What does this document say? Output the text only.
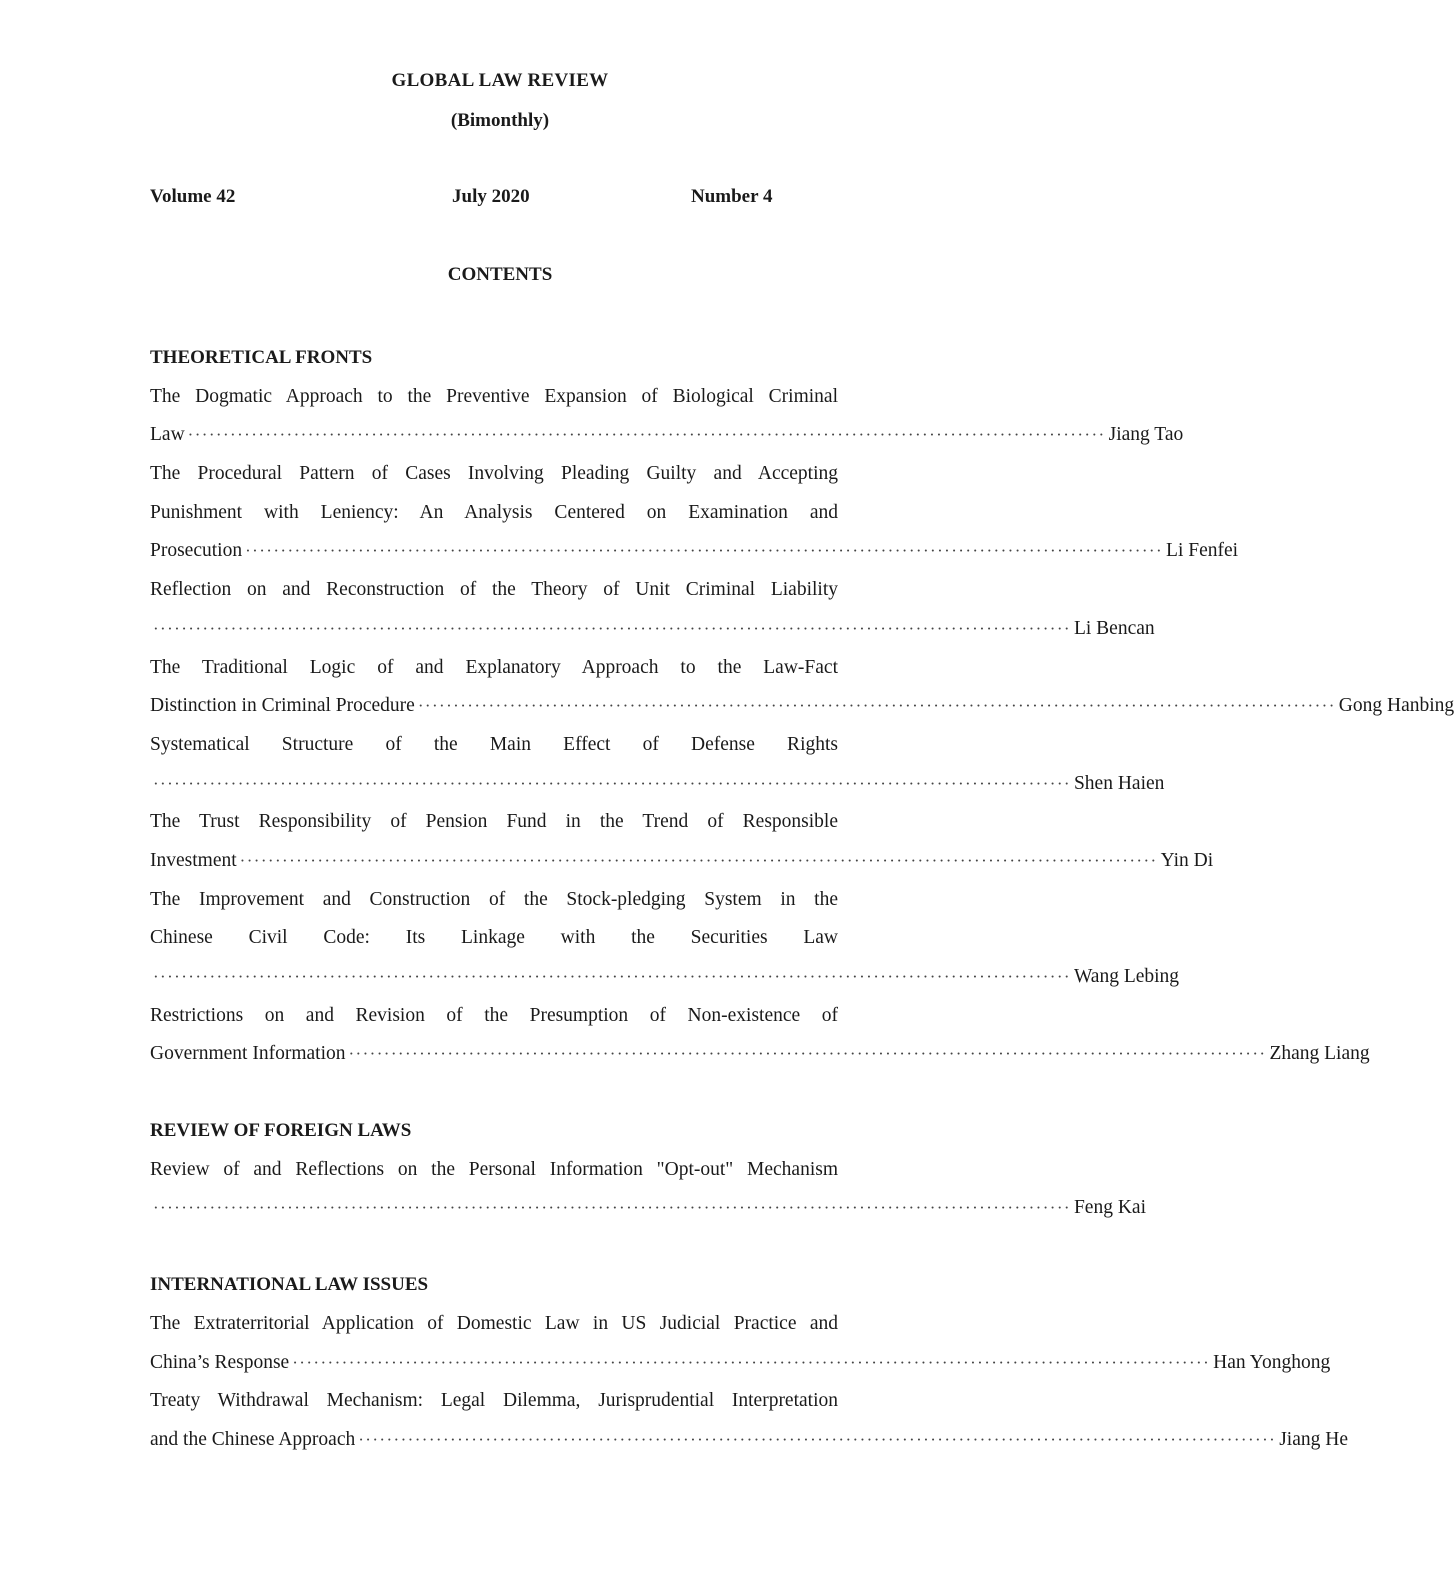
GLOBAL LAW REVIEW
(Bimonthly)
Volume 42	July 2020	Number 4
CONTENTS
THEORETICAL FRONTS
The Dogmatic Approach to the Preventive Expansion of Biological Criminal
Law ·································································································································· Jiang Tao
The Procedural Pattern of Cases Involving Pleading Guilty and Accepting
Punishment with Leniency: An Analysis Centered on Examination and
Prosecution ·································································································································· Li Fenfei
Reflection on and Reconstruction of the Theory of Unit Criminal Liability
·································································································································· Li Bencan
The Traditional Logic of and Explanatory Approach to the Law-Fact
Distinction in Criminal Procedure ·································································································································· Gong Hanbing
Systematical Structure of the Main Effect of Defense Rights
·································································································································· Shen Haien
The Trust Responsibility of Pension Fund in the Trend of Responsible
Investment ·································································································································· Yin Di
The Improvement and Construction of the Stock-pledging System in the
Chinese Civil Code: Its Linkage with the Securities Law
·································································································································· Wang Lebing
Restrictions on and Revision of the Presumption of Non-existence of
Government Information ·································································································································· Zhang Liang
REVIEW OF FOREIGN LAWS
Review of and Reflections on the Personal Information "Opt-out" Mechanism
·································································································································· Feng Kai
INTERNATIONAL LAW ISSUES
The Extraterritorial Application of Domestic Law in US Judicial Practice and
China’s Response ·································································································································· Han Yonghong
Treaty Withdrawal Mechanism: Legal Dilemma, Jurisprudential Interpretation
and the Chinese Approach ·································································································································· Jiang He
